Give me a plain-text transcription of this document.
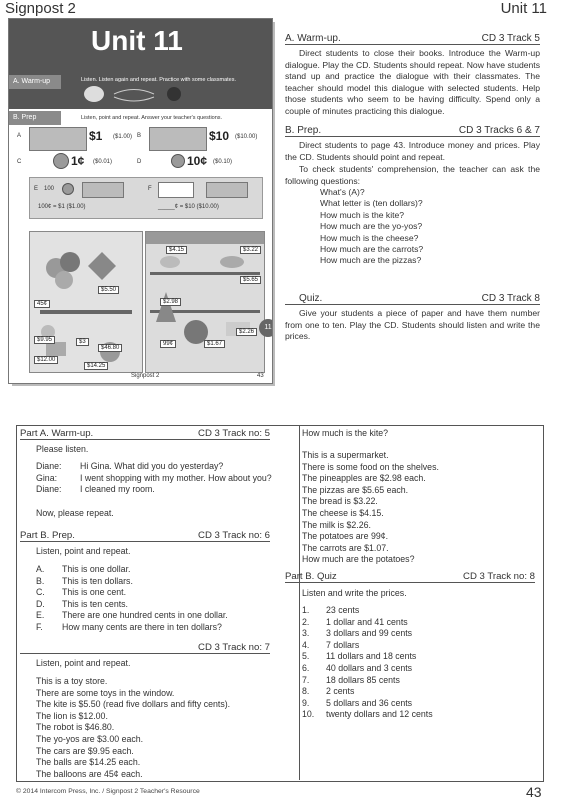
Signpost 2	Unit 11
Unit 11
A. Warm-up	Listen. Listen again and repeat. Practice with some classmates.
B. Prep	Listen, point and repeat. Answer your teacher's questions.
A	$1 ($1.00) B	$10 ($10.00)
C	1¢ ($0.01)	D	10¢ ($0.10)
E 100	F
100¢ = $1 ($1.00)	_____¢ = $10 ($10.00)
$5.50
45¢
$9.95	$3
$46.80
$12.00
$14.25
$4.15	$3.22
$5.65
$2.98
$2.26
99¢	$1.67
11
Signpost 2	43
A. Warm-up.	CD 3 Track 5
Direct students to close their books. Introduce the Warm-up dialogue. Play the CD. Students should repeat. Now have students stand up and practice the dialogue with their classmates. The teacher should model this dialogue with selected students. Help those students who seem to be having difficulty. Spend only a couple of minutes practicing this dialogue.
B. Prep.	CD 3 Tracks 6 & 7
Direct students to page 43. Introduce money and prices. Play the CD. Students should point and repeat.
To check students' comprehension, the teacher can ask the following questions:
What's (A)?
What letter is (ten dollars)?
How much is the kite?
How much are the yo-yos?
How much is the cheese?
How much are the carrots?
How much are the pizzas?
Quiz.	CD 3 Track 8
Give your students a piece of paper and have them number from one to ten. Play the CD. Students should listen and write the prices.
Part A. Warm-up.	CD 3 Track no: 5
Please listen.
Diane:	Hi Gina. What did you do yesterday?
Gina:	I went shopping with my mother. How about you?
Diane:	I cleaned my room.
Now, please repeat.
Part B. Prep.	CD 3 Track no: 6
Listen, point and repeat.
A.	This is one dollar.
B.	This is ten dollars.
C.	This is one cent.
D.	This is ten cents.
E.	There are one hundred cents in one dollar.
F.	How many cents are there in ten dollars?
CD 3 Track no: 7
Listen, point and repeat.
This is a toy store.
There are some toys in the window.
The kite is $5.50 (read five dollars and fifty cents).
The lion is $12.00.
The robot is $46.80.
The yo-yos are $3.00 each.
The cars are $9.95 each.
The balls are $14.25 each.
The balloons are 45¢ each.
How much is the kite?
This is a supermarket.
There is some food on the shelves.
The pineapples are $2.98 each.
The pizzas are $5.65 each.
The bread is $3.22.
The cheese is $4.15.
The milk is $2.26.
The potatoes are 99¢.
The carrots are $1.07.
How much are the potatoes?
Part B. Quiz	CD 3 Track no: 8
Listen and write the prices.
1.	23 cents
2.	1 dollar and 41 cents
3.	3 dollars and 99 cents
4.	7 dollars
5.	11 dollars and 18 cents
6.	40 dollars and 3 cents
7.	18 dollars 85 cents
8.	2 cents
9.	5 dollars and 36 cents
10.	twenty dollars and 12 cents
© 2014 Intercom Press, Inc. / Signpost 2 Teacher's Resource	43
